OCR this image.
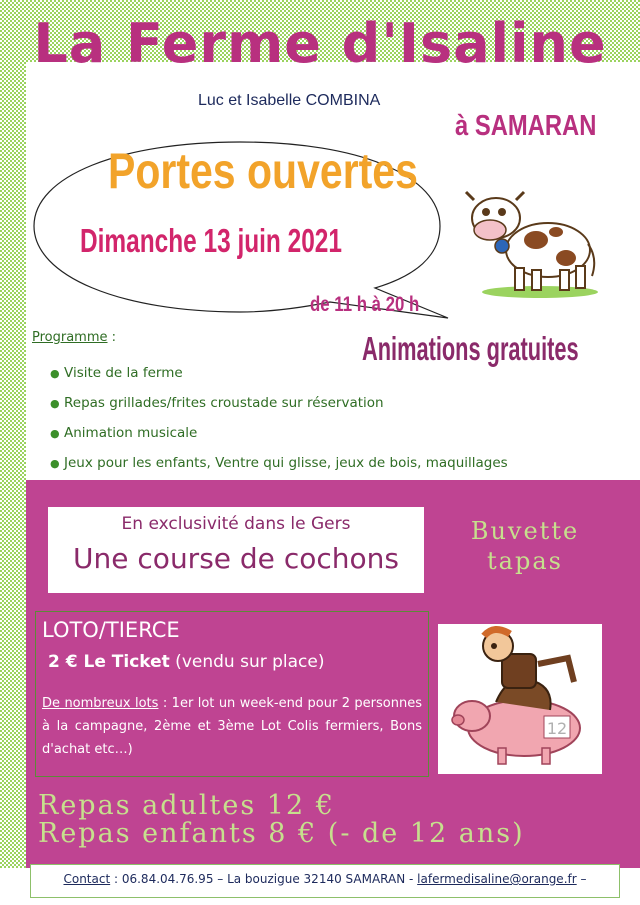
La Ferme d'Isaline
Luc et Isabelle COMBINA
à SAMARAN
Portes ouvertes
Dimanche 13 juin 2021
de 11 h à 20 h
Programme :	Animations gratuites
● Visite de la ferme
● Repas grillades/frites croustade sur réservation
● Animation musicale
● Jeux pour les enfants, Ventre qui glisse, jeux de bois, maquillages
En exclusivité dans le Gers
Une course de cochons
Buvette
tapas
LOTO/TIERCE
2 € Le Ticket (vendu sur place)
De nombreux lots : 1er lot un week-end pour 2 personnes à la campagne, 2ème et 3ème Lot Colis fermiers, Bons d'achat etc…)
12
Repas adultes 12 €
Repas enfants 8 € (- de 12 ans)
Contact : 06.84.04.76.95 – La bouzigue 32140 SAMARAN - lafermedisaline@orange.fr –
